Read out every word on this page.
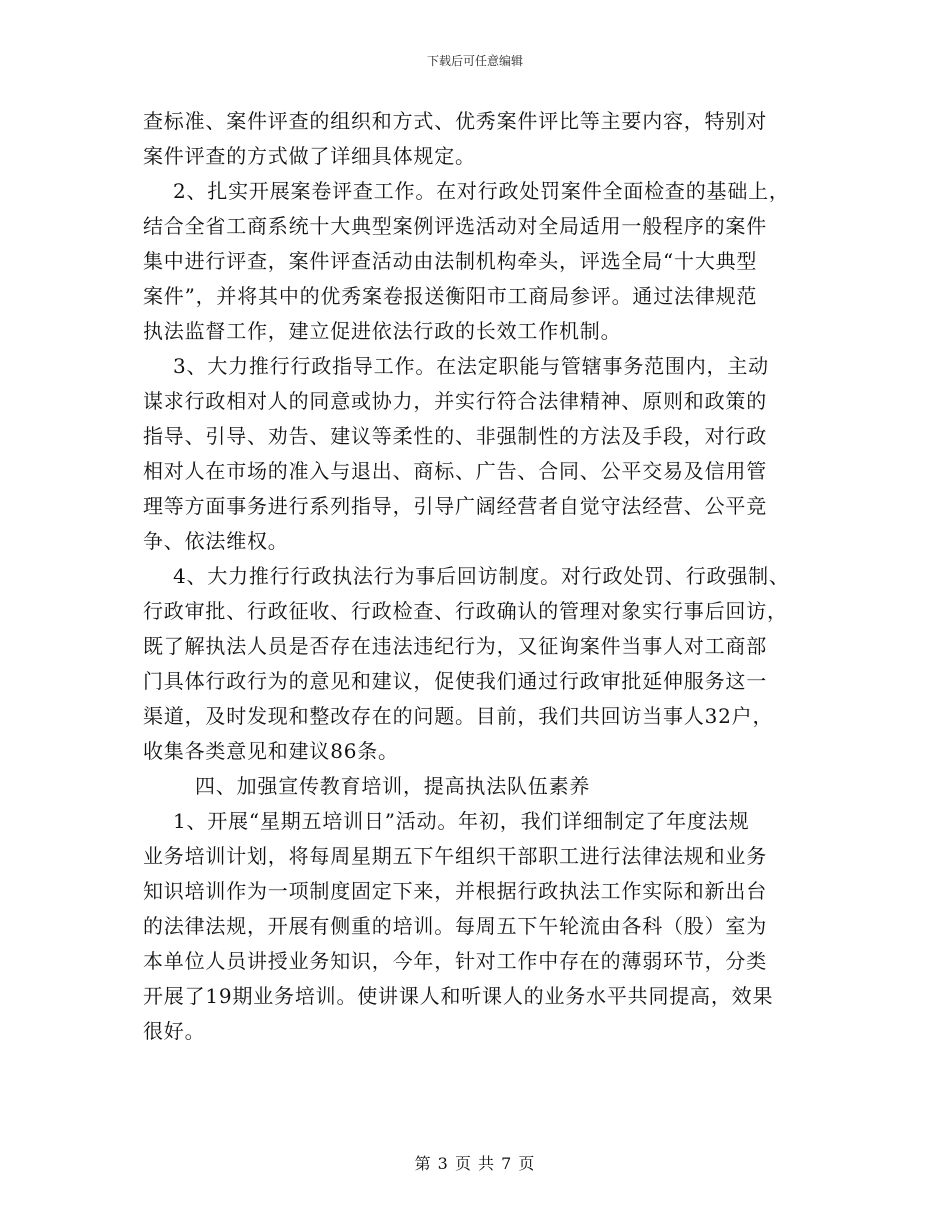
下载后可任意编辑
查标准、案件评查的组织和方式、优秀案件评比等主要内容，特别对
案件评查的方式做了详细具体规定。
2、扎实开展案卷评查工作。在对行政处罚案件全面检查的基础上，
结合全省工商系统十大典型案例评选活动对全局适用一般程序的案件
集中进行评查，案件评查活动由法制机构牵头，评选全局“十大典型
案件”，并将其中的优秀案卷报送衡阳市工商局参评。通过法律规范
执法监督工作，建立促进依法行政的长效工作机制。
3、大力推行行政指导工作。在法定职能与管辖事务范围内，主动
谋求行政相对人的同意或协力，并实行符合法律精神、原则和政策的
指导、引导、劝告、建议等柔性的、非强制性的方法及手段，对行政
相对人在市场的准入与退出、商标、广告、合同、公平交易及信用管
理等方面事务进行系列指导，引导广阔经营者自觉守法经营、公平竞
争、依法维权。
4、大力推行行政执法行为事后回访制度。对行政处罚、行政强制、
行政审批、行政征收、行政检查、行政确认的管理对象实行事后回访，
既了解执法人员是否存在违法违纪行为，又征询案件当事人对工商部
门具体行政行为的意见和建议，促使我们通过行政审批延伸服务这一
渠道，及时发现和整改存在的问题。目前，我们共回访当事人32户，
收集各类意见和建议86条。
四、加强宣传教育培训，提高执法队伍素养
1、开展“星期五培训日”活动。年初，我们详细制定了年度法规
业务培训计划，将每周星期五下午组织干部职工进行法律法规和业务
知识培训作为一项制度固定下来，并根据行政执法工作实际和新出台
的法律法规，开展有侧重的培训。每周五下午轮流由各科（股）室为
本单位人员讲授业务知识，今年，针对工作中存在的薄弱环节，分类
开展了19期业务培训。使讲课人和听课人的业务水平共同提高，效果
很好。
第 3 页 共 7 页
